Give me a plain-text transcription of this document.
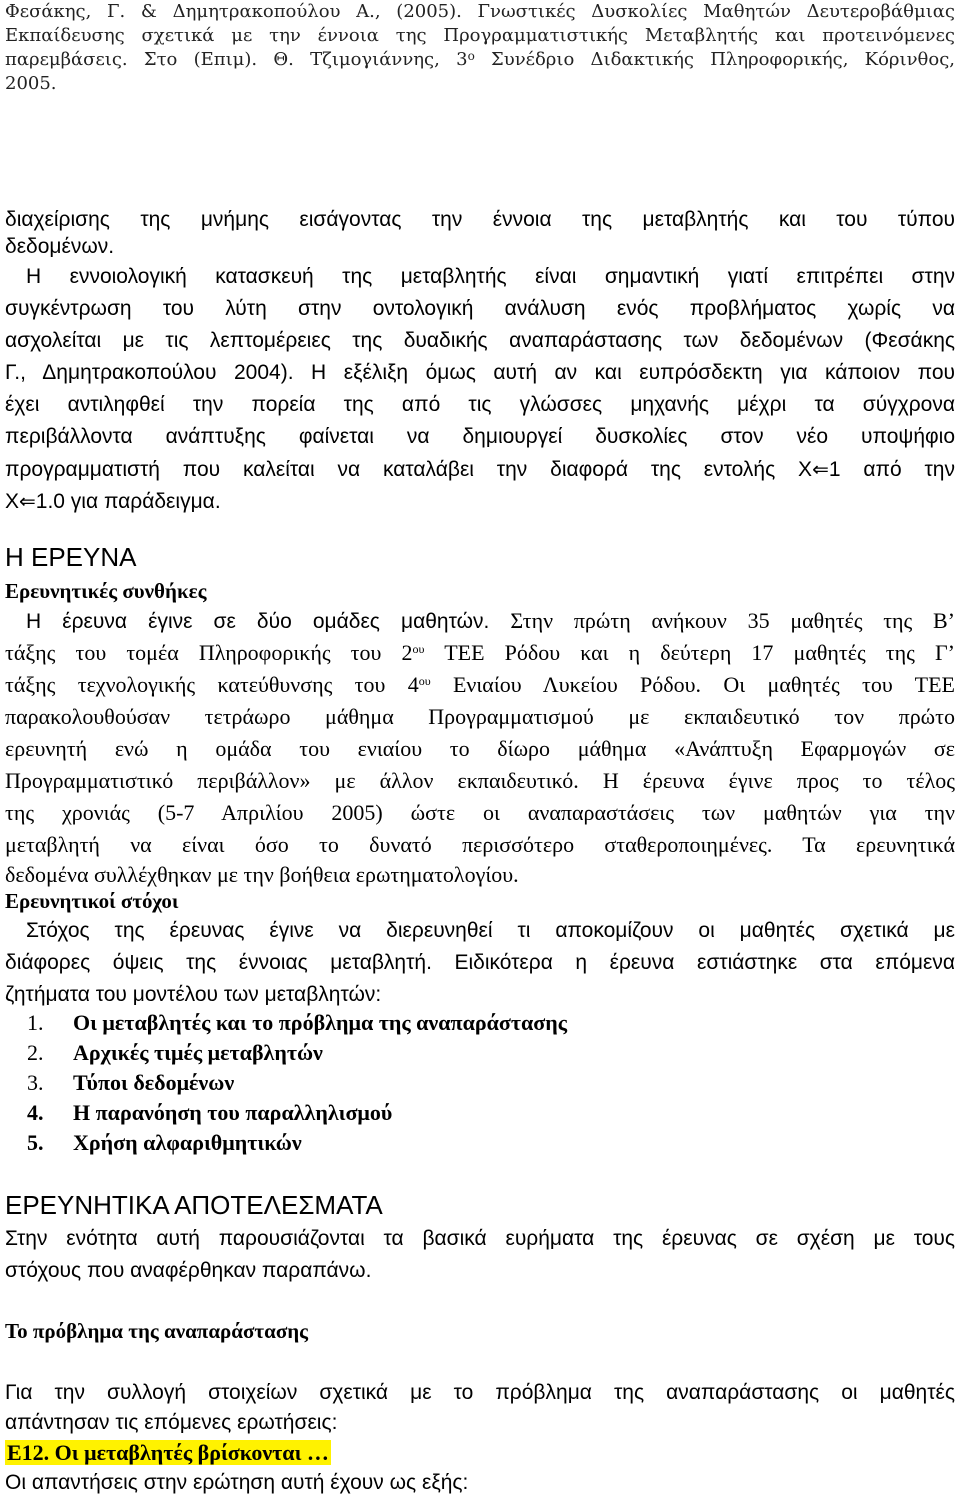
Φεσάκης, Γ. & Δημητρακοπούλου Α., (2005). Γνωστικές Δυσκολίες Μαθητών Δευτεροβάθμιας
Εκπαίδευσης σχετικά με την έννοια της Προγραμματιστικής Μεταβλητής και προτεινόμενες
παρεμβάσεις. Στο (Επιμ). Θ. Τζιμογιάννης, $3^o$ Συνέδριο Διδακτικής Πληροφορικής, Κόρινθος,
2005.
διαχείρισης της μνήμης εισάγοντας την έννοια της μεταβλητής και του τύπου
δεδομένων.
Η εννοιολογική κατασκευή της μεταβλητής είναι σημαντική γιατί επιτρέπει στην
συγκέντρωση του λύτη στην οντολογική ανάλυση ενός προβλήματος χωρίς να
ασχολείται με τις λεπτομέρειες της δυαδικής αναπαράστασης των δεδομένων (Φεσάκης
Γ., Δημητρακοπούλου 2004). Η εξέλιξη όμως αυτή αν και ευπρόσδεκτη για κάποιον που
έχει αντιληφθεί την πορεία της από τις γλώσσες μηχανής μέχρι τα σύγχρονα
περιβάλλοντα ανάπτυξης φαίνεται να δημιουργεί δυσκολίες στον νέο υποψήφιο
προγραμματιστή που καλείται να καταλάβει την διαφορά της εντολής Χ⇐1 από την
Χ⇐1.0 για παράδειγμα.
Η ΕΡΕΥΝΑ
Ερευνητικές συνθήκες
Η έρευνα έγινε σε δύο ομάδες μαθητών. Στην πρώτη ανήκουν 35 μαθητές της Β’
τάξης του τομέα Πληροφορικής του $2^{o\upsilon}$ ΤΕΕ Ρόδου και η δεύτερη 17 μαθητές της Γ’
τάξης τεχνολογικής κατεύθυνσης του $4^{o\upsilon}$ Ενιαίου Λυκείου Ρόδου. Οι μαθητές του ΤΕΕ
παρακολουθούσαν τετράωρο μάθημα Προγραμματισμού με εκπαιδευτικό τον πρώτο
ερευνητή ενώ η ομάδα του ενιαίου το δίωρο μάθημα «Ανάπτυξη Εφαρμογών σε
Προγραμματιστικό περιβάλλον» με άλλον εκπαιδευτικό. Η έρευνα έγινε προς το τέλος
της χρονιάς (5-7 Απριλίου 2005) ώστε οι αναπαραστάσεις των μαθητών για την
μεταβλητή να είναι όσο το δυνατό περισσότερο σταθεροποιημένες. Τα ερευνητικά
δεδομένα συλλέχθηκαν με την βοήθεια ερωτηματολογίου.
Ερευνητικοί στόχοι
Στόχος της έρευνας έγινε να διερευνηθεί τι αποκομίζουν οι μαθητές σχετικά με
διάφορες όψεις της έννοιας μεταβλητή. Ειδικότερα η έρευνα εστιάστηκε στα επόμενα
ζητήματα του μοντέλου των μεταβλητών:
1. Οι μεταβλητές και το πρόβλημα της αναπαράστασης
2. Αρχικές τιμές μεταβλητών
3. Τύποι δεδομένων
4. Η παρανόηση του παραλληλισμού
5. Χρήση αλφαριθμητικών
ΕΡΕΥΝΗΤΙΚΑ ΑΠΟΤΕΛΕΣΜΑΤΑ
Στην ενότητα αυτή παρουσιάζονται τα βασικά ευρήματα της έρευνας σε σχέση με τους
στόχους που αναφέρθηκαν παραπάνω.
Το πρόβλημα της αναπαράστασης
Για την συλλογή στοιχείων σχετικά με το πρόβλημα της αναπαράστασης οι μαθητές
απάντησαν τις επόμενες ερωτήσεις:
Ε12. Οι μεταβλητές βρίσκονται …
Οι απαντήσεις στην ερώτηση αυτή έχουν ως εξής:
